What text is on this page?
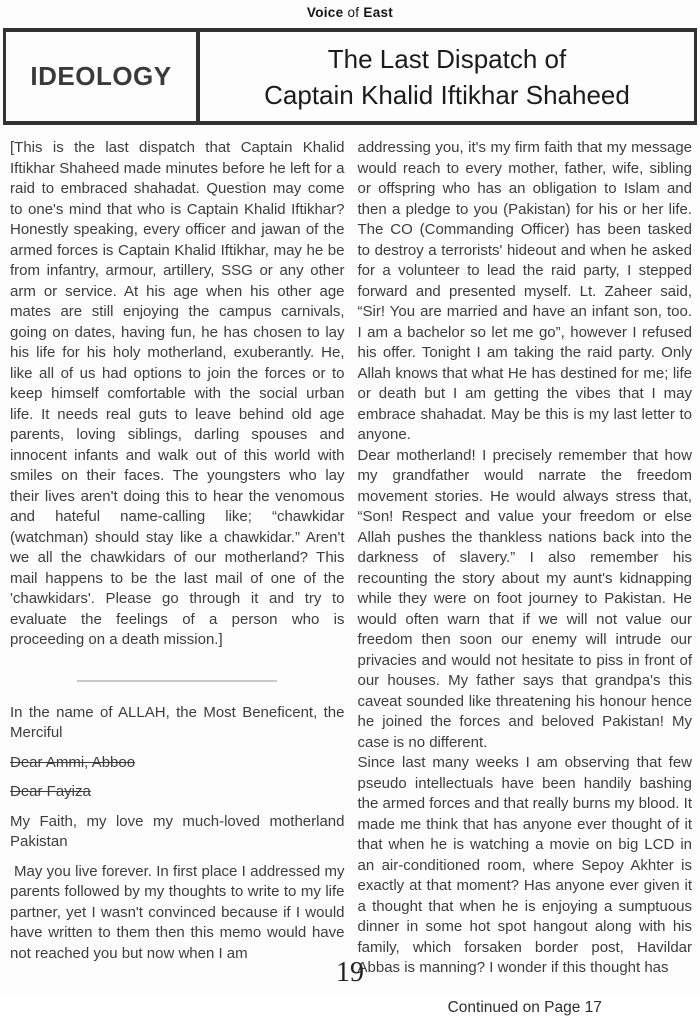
Voice of East
IDEOLOGY
The Last Dispatch of
Captain Khalid Iftikhar Shaheed

[This is the last dispatch that Captain Khalid Iftikhar Shaheed made minutes before he left for a raid to embraced shahadat. Question may come to one's mind that who is Captain Khalid Iftikhar? Honestly speaking, every officer and jawan of the armed forces is Captain Khalid Iftikhar, may he be from infantry, armour, artillery, SSG or any other arm or service. At his age when his other age mates are still enjoying the campus carnivals, going on dates, having fun, he has chosen to lay his life for his holy motherland, exuberantly. He, like all of us had options to join the forces or to keep himself comfortable with the social urban life. It needs real guts to leave behind old age parents, loving siblings, darling spouses and innocent infants and walk out of this world with smiles on their faces. The youngsters who lay their lives aren't doing this to hear the venomous and hateful name-calling like; “chawkidar (watchman) should stay like a chawkidar.” Aren't we all the chawkidars of our motherland? This mail happens to be the last mail of one of the 'chawkidars'. Please go through it and try to evaluate the feelings of a person who is proceeding on a death mission.]

In the name of ALLAH, the Most Beneficent, the Merciful

Dear Ammi, Abboo

Dear Fayiza

My Faith, my love my much-loved motherland Pakistan

May you live forever. In first place I addressed my parents followed by my thoughts to write to my life partner, yet I wasn't convinced because if I would have written to them then this memo would have not reached you but now when I am

addressing you, it's my firm faith that my message would reach to every mother, father, wife, sibling or offspring who has an obligation to Islam and then a pledge to you (Pakistan) for his or her life. The CO (Commanding Officer) has been tasked to destroy a terrorists' hideout and when he asked for a volunteer to lead the raid party, I stepped forward and presented myself. Lt. Zaheer said, “Sir! You are married and have an infant son, too. I am a bachelor so let me go”, however I refused his offer. Tonight I am taking the raid party. Only Allah knows that what He has destined for me; life or death but I am getting the vibes that I may embrace shahadat. May be this is my last letter to anyone.

Dear motherland! I precisely remember that how my grandfather would narrate the freedom movement stories. He would always stress that, “Son! Respect and value your freedom or else Allah pushes the thankless nations back into the darkness of slavery.” I also remember his recounting the story about my aunt's kidnapping while they were on foot journey to Pakistan. He would often warn that if we will not value our freedom then soon our enemy will intrude our privacies and would not hesitate to piss in front of our houses. My father says that grandpa's this caveat sounded like threatening his honour hence he joined the forces and beloved Pakistan! My case is no different.

Since last many weeks I am observing that few pseudo intellectuals have been handily bashing the armed forces and that really burns my blood. It made me think that has anyone ever thought of it that when he is watching a movie on big LCD in an air-conditioned room, where Sepoy Akhter is exactly at that moment? Has anyone ever given it a thought that when he is enjoying a sumptuous dinner in some hot spot hangout along with his family, which forsaken border post, Havildar Abbas is manning? I wonder if this thought has

Continued on Page 17
19
